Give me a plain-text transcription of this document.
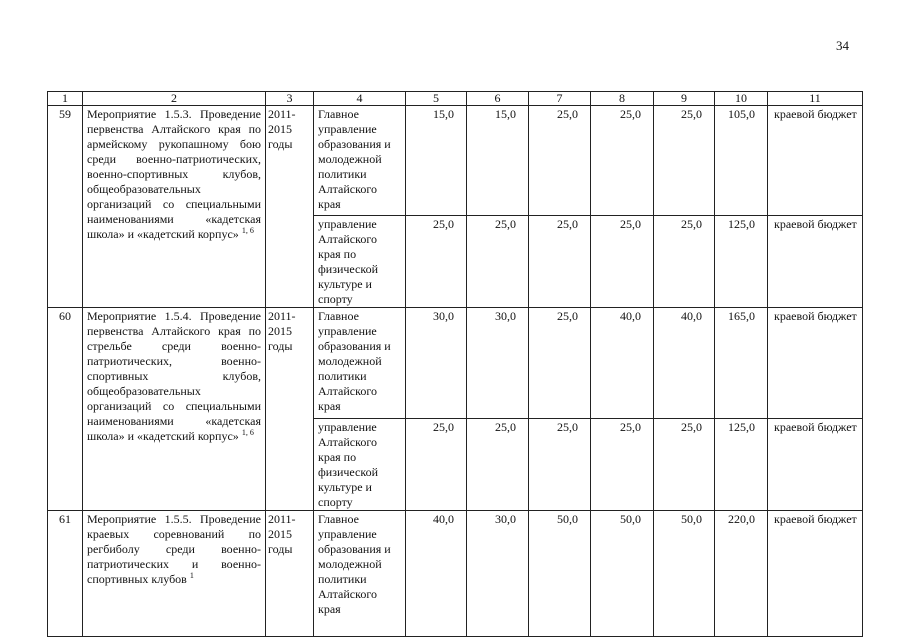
34
1	2	3	4	5	6	7	8	9	10	11
59	Мероприятие 1.5.3. Проведение первенства Алтайского края по армейскому рукопашному бою среди военно-патриотических, военно-спортивных клубов, общеобразовательных организаций со специальными наименованиями «кадетская школа» и «кадетский корпус» $^{1, 6}$	2011-2015 годы	Главное управление образования и молодежной политики Алтайского края	15,0	15,0	25,0	25,0	25,0	105,0	краевой бюджет
			управление Алтайского края по физической культуре и спорту	25,0	25,0	25,0	25,0	25,0	125,0	краевой бюджет
60	Мероприятие 1.5.4. Проведение первенства Алтайского края по стрельбе среди военно-патриотических, военно-спортивных клубов, общеобразовательных организаций со специальными наименованиями «кадетская школа» и «кадетский корпус» $^{1, 6}$	2011-2015 годы	Главное управление образования и молодежной политики Алтайского края	30,0	30,0	25,0	40,0	40,0	165,0	краевой бюджет
			управление Алтайского края по физической культуре и спорту	25,0	25,0	25,0	25,0	25,0	125,0	краевой бюджет
61	Мероприятие 1.5.5. Проведение краевых соревнований по регбиболу среди военно-патриотических и военно-спортивных клубов $^1$	2011-2015 годы	Главное управление образования и молодежной политики Алтайского края	40,0	30,0	50,0	50,0	50,0	220,0	краевой бюджет
